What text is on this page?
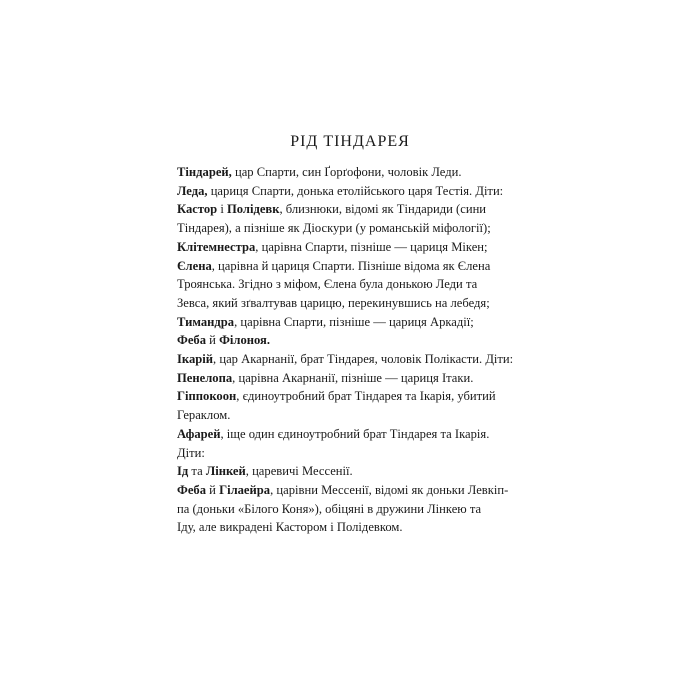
РІД ТІНДАРЕЯ

Тіндарей, цар Спарти, син Ґорґофони, чоловік Леди.

Леда, цариця Спарти, донька етолійського царя Тестія. Діти:

Кастор і Полідевк, близнюки, відомі як Тіндариди (сини
Тіндарея), а пізніше як Діоскури (у романській міфології);

Клітемнестра, царівна Спарти, пізніше — цариця Мікен;

Єлена, царівна й цариця Спарти. Пізніше відома як Єлена
Троянська. Згідно з міфом, Єлена була донькою Леди та
Зевса, який зґвалтував царицю, перекинувшись на лебедя;

Тимандра, царівна Спарти, пізніше — цариця Аркадії;

Феба й Філоноя.

Ікарій, цар Акарнанії, брат Тіндарея, чоловік Полікасти. Діти:

Пенелопа, царівна Акарнанії, пізніше — цариця Ітаки.

Гіппокоон, єдиноутробний брат Тіндарея та Ікарія, убитий
Гераклом.

Афарей, іще один єдиноутробний брат Тіндарея та Ікарія.
Діти:

Ід та Лінкей, царевичі Мессенії.

Феба й Гілаейра, царівни Мессенії, відомі як доньки Левкіп-
па (доньки «Білого Коня»), обіцяні в дружини Лінкею та
Іду, але викрадені Кастором і Полідевком.
